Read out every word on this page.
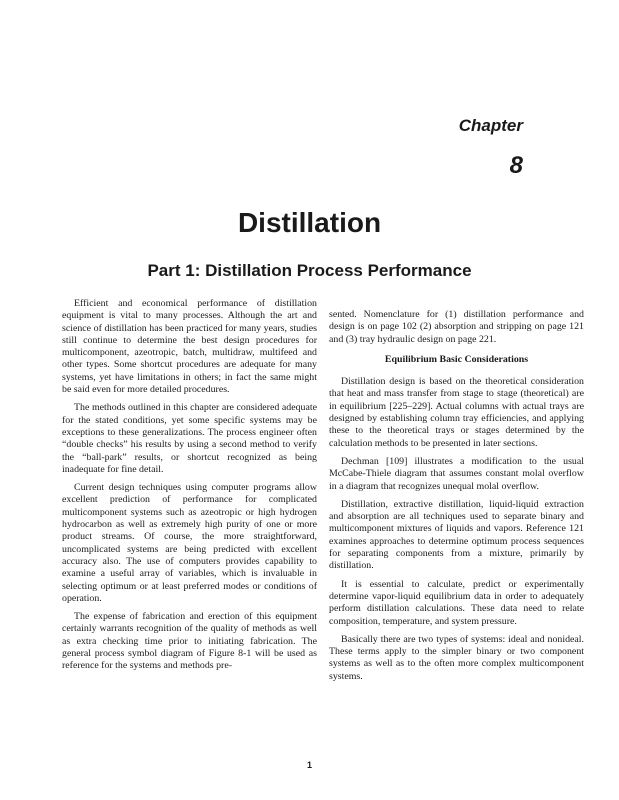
Chapter
8
Distillation
Part 1: Distillation Process Performance

Efficient and economical performance of distillation equipment is vital to many processes. Although the art and science of distillation has been practiced for many years, studies still continue to determine the best design procedures for multicomponent, azeotropic, batch, multidraw, multifeed and other types. Some shortcut procedures are adequate for many systems, yet have limitations in others; in fact the same might be said even for more detailed procedures.

The methods outlined in this chapter are considered adequate for the stated conditions, yet some specific systems may be exceptions to these generalizations. The process engineer often “double checks” his results by using a second method to verify the “ball-park” results, or shortcut recognized as being inadequate for fine detail.

Current design techniques using computer programs allow excellent prediction of performance for complicated multicomponent systems such as azeotropic or high hydrogen hydrocarbon as well as extremely high purity of one or more product streams. Of course, the more straightforward, uncomplicated systems are being predicted with excellent accuracy also. The use of computers provides capability to examine a useful array of variables, which is invaluable in selecting optimum or at least preferred modes or conditions of operation.

The expense of fabrication and erection of this equipment certainly warrants recognition of the quality of methods as well as extra checking time prior to initiating fabrication. The general process symbol diagram of Figure 8-1 will be used as reference for the systems and methods pre-

sented. Nomenclature for (1) distillation performance and design is on page 102 (2) absorption and stripping on page 121 and (3) tray hydraulic design on page 221.

Equilibrium Basic Considerations

Distillation design is based on the theoretical consideration that heat and mass transfer from stage to stage (theoretical) are in equilibrium [225–229]. Actual columns with actual trays are designed by establishing column tray efficiencies, and applying these to the theoretical trays or stages determined by the calculation methods to be presented in later sections.

Dechman [109] illustrates a modification to the usual McCabe-Thiele diagram that assumes constant molal overflow in a diagram that recognizes unequal molal overflow.

Distillation, extractive distillation, liquid-liquid extraction and absorption are all techniques used to separate binary and multicomponent mixtures of liquids and vapors. Reference 121 examines approaches to determine optimum process sequences for separating components from a mixture, primarily by distillation.

It is essential to calculate, predict or experimentally determine vapor-liquid equilibrium data in order to adequately perform distillation calculations. These data need to relate composition, temperature, and system pressure.

Basically there are two types of systems: ideal and nonideal. These terms apply to the simpler binary or two component systems as well as to the often more complex multicomponent systems.

1
